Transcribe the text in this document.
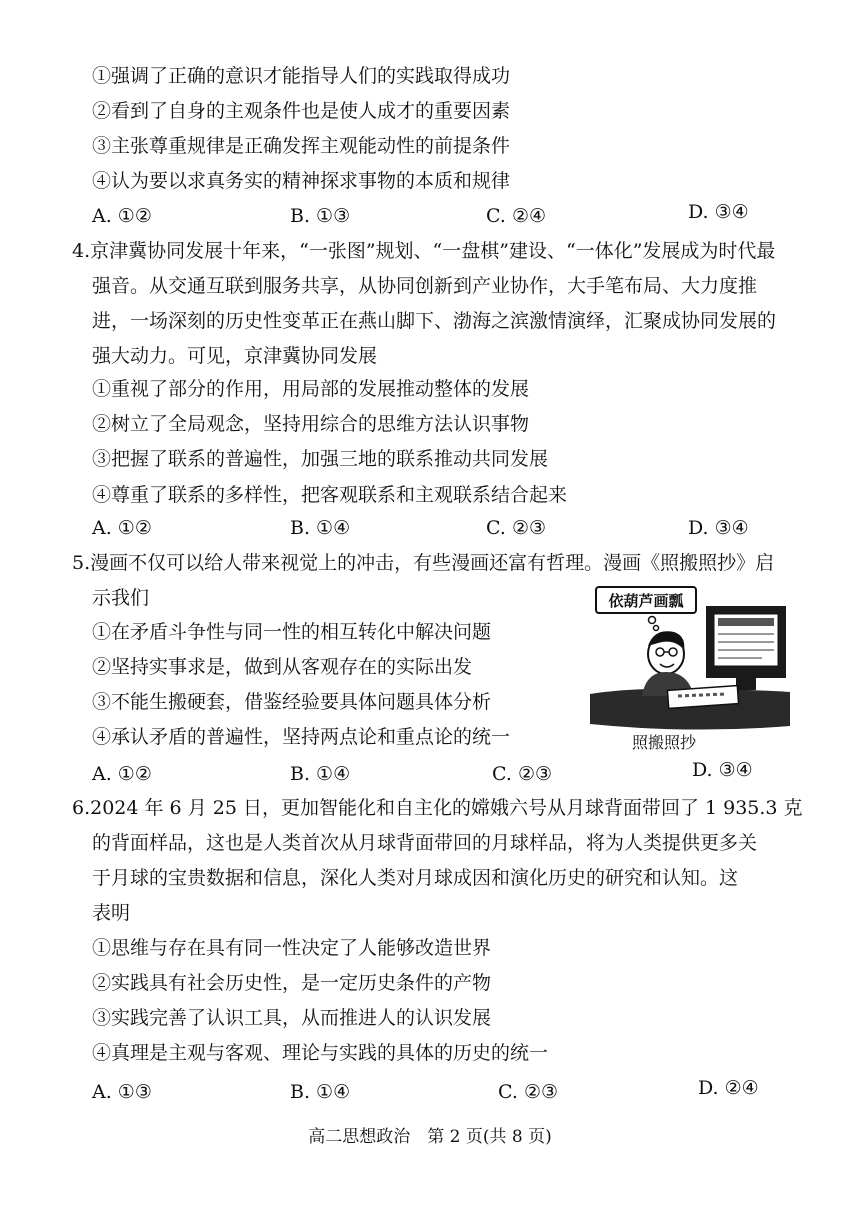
①强调了正确的意识才能指导人们的实践取得成功
②看到了自身的主观条件也是使人成才的重要因素
③主张尊重规律是正确发挥主观能动性的前提条件
④认为要以求真务实的精神探求事物的本质和规律
A. ①②	B. ①③	C. ②④	D. ③④
4.京津冀协同发展十年来，“一张图”规划、“一盘棋”建设、“一体化”发展成为时代最
强音。从交通互联到服务共享，从协同创新到产业协作，大手笔布局、大力度推
进，一场深刻的历史性变革正在燕山脚下、渤海之滨激情演绎，汇聚成协同发展的
强大动力。可见，京津冀协同发展
①重视了部分的作用，用局部的发展推动整体的发展
②树立了全局观念，坚持用综合的思维方法认识事物
③把握了联系的普遍性，加强三地的联系推动共同发展
④尊重了联系的多样性，把客观联系和主观联系结合起来
A. ①②	B. ①④	C. ②③	D. ③④
5.漫画不仅可以给人带来视觉上的冲击，有些漫画还富有哲理。漫画《照搬照抄》启
示我们
①在矛盾斗争性与同一性的相互转化中解决问题
②坚持实事求是，做到从客观存在的实际出发
③不能生搬硬套，借鉴经验要具体问题具体分析
④承认矛盾的普遍性，坚持两点论和重点论的统一
A. ①②	B. ①④	C. ②③	D. ③④
依葫芦画瓢
照搬照抄
6.2024 年 6 月 25 日，更加智能化和自主化的嫦娥六号从月球背面带回了 1 935.3 克
的背面样品，这也是人类首次从月球背面带回的月球样品，将为人类提供更多关
于月球的宝贵数据和信息，深化人类对月球成因和演化历史的研究和认知。这
表明
①思维与存在具有同一性决定了人能够改造世界
②实践具有社会历史性，是一定历史条件的产物
③实践完善了认识工具，从而推进人的认识发展
④真理是主观与客观、理论与实践的具体的历史的统一
A. ①③	B. ①④	C. ②③	D. ②④
高二思想政治　第 2 页(共 8 页)
